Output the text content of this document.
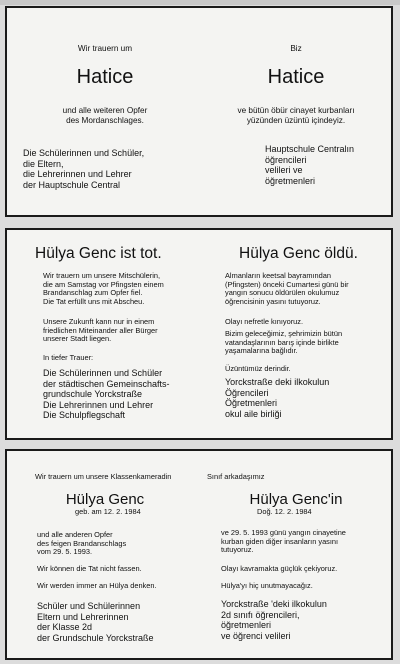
Wir trauern um
Hatice
und alle weiteren Opfer
des Mordanschlages.
Die Schülerinnen und Schüler,
die Eltern,
die Lehrerinnen und Lehrer
der Hauptschule Central
Biz
Hatice
ve bütün öbür cinayet kurbanları
yüzünden üzüntü içindeyiz.
Hauptschule Centralın
öğrencileri
velileri ve
öğretmenleri
Hülya Genc ist tot.
Wir trauern um unsere Mitschülerin,
die am Samstag vor Pfingsten einem
Brandanschlag zum Opfer fiel.
Die Tat erfüllt uns mit Abscheu.
Unsere Zukunft kann nur in einem
friedlichen Miteinander aller Bürger
unserer Stadt liegen.
In tiefer Trauer:
Die Schülerinnen und Schüler
der städtischen Gemeinschafts-
grundschule Yorckstraße
Die Lehrerinnen und Lehrer
Die Schulpflegschaft
Hülya Genc öldü.
Almanların keetsal bayramından
(Pfingsten) önceki Cumartesi günü bir
yangın sonucu öldürülen okulumuz
öğrencisinin yasını tutuyoruz.
Olayı nefretle kınıyoruz.
Bizim geleceğimiz, şehrimizin bütün
vatandaşlarının barış içinde birlikte
yaşamalarına bağlıdır.
Üzüntümüz derindir.
Yorckstraße deki ilkokulun
Öğrencileri
Öğretmenleri
okul aile birliği
Wir trauern um unsere Klassenkameradin
Hülya Genc
geb. am 12. 2. 1984
und alle anderen Opfer
des feigen Brandanschlags
vom 29. 5. 1993.
Wir können die Tat nicht fassen.
Wir werden immer an Hülya denken.
Schüler und Schülerinnen
Eltern und Lehrerinnen
der Klasse 2d
der Grundschule Yorckstraße
Sınıf arkadaşımız
Hülya Genc'in
Doğ. 12. 2. 1984
ve 29. 5. 1993 günü yangın cinayetine
kurban giden diğer insanların yasını
tutuyoruz.
Olayı kavramakta güçlük çekiyoruz.
Hülya'yı hiç unutmayacağız.
Yorckstraße 'deki ilkokulun
2d sınıfı öğrencileri,
öğretmenleri
ve öğrenci velileri
